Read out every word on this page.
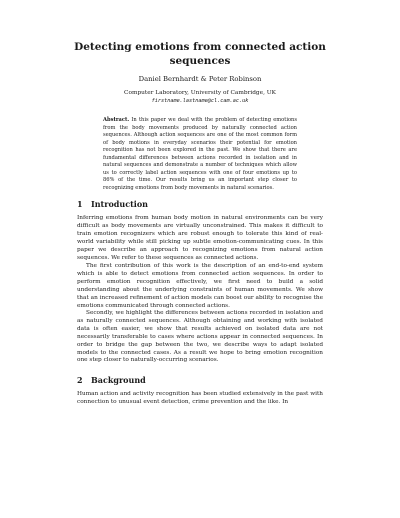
Detecting emotions from connected action sequences
Daniel Bernhardt & Peter Robinson
Computer Laboratory, University of Cambridge, UK
firstname.lastname@cl.cam.ac.uk
Abstract. In this paper we deal with the problem of detecting emotions from the body movements produced by naturally connected action sequences. Although action sequences are one of the most common form of body motions in everyday scenarios their potential for emotion recognition has not been explored in the past. We show that there are fundamental differences between actions recorded in isolation and in natural sequences and demonstrate a number of techniques which allow us to correctly label action sequences with one of four emotions up to 86% of the time. Our results bring us an important step closer to recognizing emotions from body movements in natural scenarios.
1 Introduction

Inferring emotions from human body motion in natural environments can be very difficult as body movements are virtually unconstrained. This makes it difficult to train emotion recognizers which are robust enough to tolerate this kind of real-world variability while still picking up subtle emotion-communicating cues. In this paper we describe an approach to recognizing emotions from natural action sequences. We refer to these sequences as connected actions.

The first contribution of this work is the description of an end-to-end system which is able to detect emotions from connected action sequences. In order to perform emotion recognition effectively, we first need to build a solid understanding about the underlying constraints of human movements. We show that an increased refinement of action models can boost our ability to recognise the emotions communicated through connected actions.

Secondly, we highlight the differences between actions recorded in isolation and as naturally connected sequences. Although obtaining and working with isolated data is often easier, we show that results achieved on isolated data are not necessarily transferable to cases where actions appear in connected sequences. In order to bridge the gap between the two, we describe ways to adapt isolated models to the connected cases. As a result we hope to bring emotion recognition one step closer to naturally-occurring scenarios.

2 Background

Human action and activity recognition has been studied extensively in the past with connection to unusual event detection, crime prevention and the like. In
